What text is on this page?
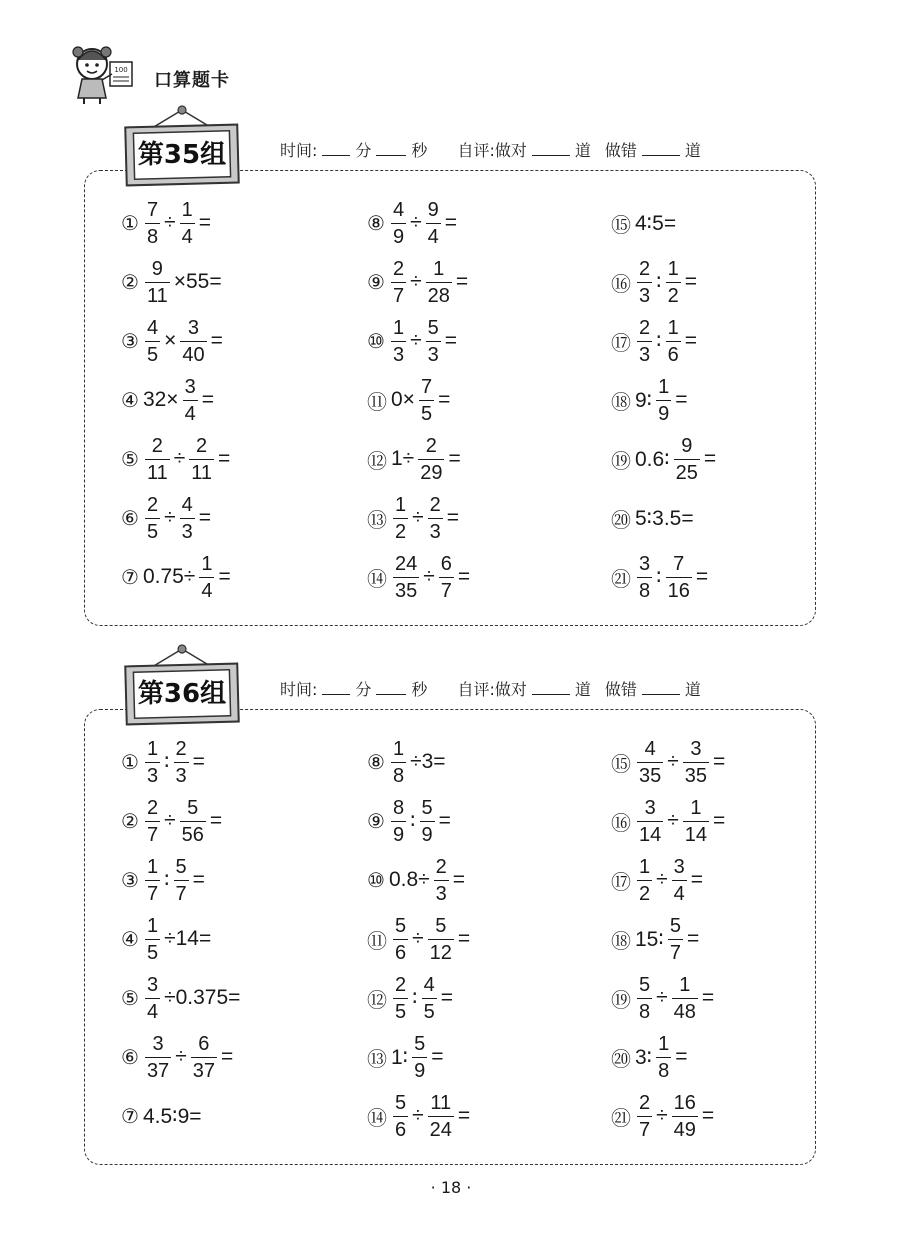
100 口算题卡
① $\frac{7}{8} \div \frac{1}{4}$ =
② $\frac{9}{11} \times 55=$
③ $\frac{4}{5} \times \frac{3}{40}$ =
④ $32\times \frac{3}{4}$ =
⑤ $\frac{2}{11} \div \frac{2}{11}$ =
⑥ $\frac{2}{5} \div \frac{4}{3}$ =
⑦ $0.75\div \frac{1}{4}$ =
⑧ $\frac{4}{9} \div \frac{9}{4}$ =
⑨ $\frac{2}{7} \div \frac{1}{28}$ =
⑩ $\frac{1}{3} \div \frac{5}{3}$ =
⑪ $0\times \frac{7}{5}$ =
⑫ $1\div \frac{2}{29}$ =
⑬ $\frac{1}{2} \div \frac{2}{3}$ =
⑭ $\frac{24}{35} \div \frac{6}{7}$ =
⑮ 4∶5=
⑯ $\frac{2}{3}$ ∶ $\frac{1}{2}$ =
⑰ $\frac{2}{3}$ ∶ $\frac{1}{6}$ =
⑱ 9∶ $\frac{1}{9}$ =
⑲ 0.6∶ $\frac{9}{25}$ =
⑳ 5∶3.5=
㉑ $\frac{3}{8}$ ∶ $\frac{7}{16}$ =
第35组	时间: 分	秒 自评:做对	道 做错	道
① $\frac{1}{3}$ ∶ $\frac{2}{3}$ =
② $\frac{2}{7} \div \frac{5}{56}$ =
③ $\frac{1}{7}$ ∶ $\frac{5}{7}$ =
④ $\frac{1}{5} \div 14=$
⑤ $\frac{3}{4} \div 0.375=$
⑥ $\frac{3}{37} \div \frac{6}{37}$ =
⑦ 4.5∶9=
⑧ $\frac{1}{8} \div 3=$
⑨ $\frac{8}{9}$ ∶ $\frac{5}{9}$ =
⑩ $0.8\div \frac{2}{3}$ =
⑪ $\frac{5}{6} \div \frac{5}{12}$ =
⑫ $\frac{2}{5}$ ∶ $\frac{4}{5}$ =
⑬ 1∶ $\frac{5}{9}$ =
⑭ $\frac{5}{6} \div \frac{11}{24}$ =
⑮ $\frac{4}{35} \div \frac{3}{35}$ =
⑯ $\frac{3}{14} \div \frac{1}{14}$ =
⑰ $\frac{1}{2} \div \frac{3}{4}$ =
⑱ 15∶ $\frac{5}{7}$ =
⑲ $\frac{5}{8} \div \frac{1}{48}$ =
⑳ 3∶ $\frac{1}{8}$ =
㉑ $\frac{2}{7} \div \frac{16}{49}$ =
第36组	时间: 分	秒 自评:做对	道 做错	道
· 18 ·
